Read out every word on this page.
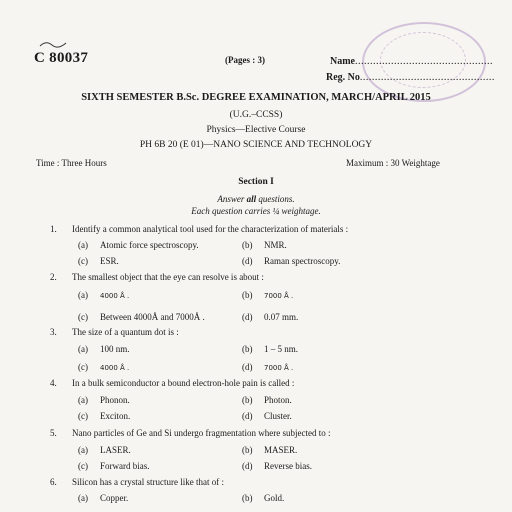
C 80037	(Pages : 3)	Name..............................................
Reg. No.............................................
SIXTH SEMESTER B.Sc. DEGREE EXAMINATION, MARCH/APRIL 2015
(U.G.–CCSS)
Physics—Elective Course
PH 6B 20 (E 01)—NANO SCIENCE AND TECHNOLOGY
Time : Three Hours	Maximum : 30 Weightage
Section I
Answer all questions.
Each question carries ¼ weightage.
1. Identify a common analytical tool used for the characterization of materials :
(a) Atomic force spectroscopy.	(b) NMR.
(c) ESR.	(d) Raman spectroscopy.
2. The smallest object that the eye can resolve is about :
(a) 4000 Å .	(b) 7000 Å .
(c) Between 4000Å and 7000Å .	(d) 0.07 mm.
3. The size of a quantum dot is :
(a) 100 nm.	(b) 1 – 5 nm.
(c) 4000 Å .	(d) 7000 Å .
4. In a bulk semiconductor a bound electron-hole pain is called :
(a) Phonon.	(b) Photon.
(c) Exciton.	(d) Cluster.
5. Nano particles of Ge and Si undergo fragmentation where subjected to :
(a) LASER.	(b) MASER.
(c) Forward bias.	(d) Reverse bias.
6. Silicon has a crystal structure like that of :
(a) Copper.	(b) Gold.
